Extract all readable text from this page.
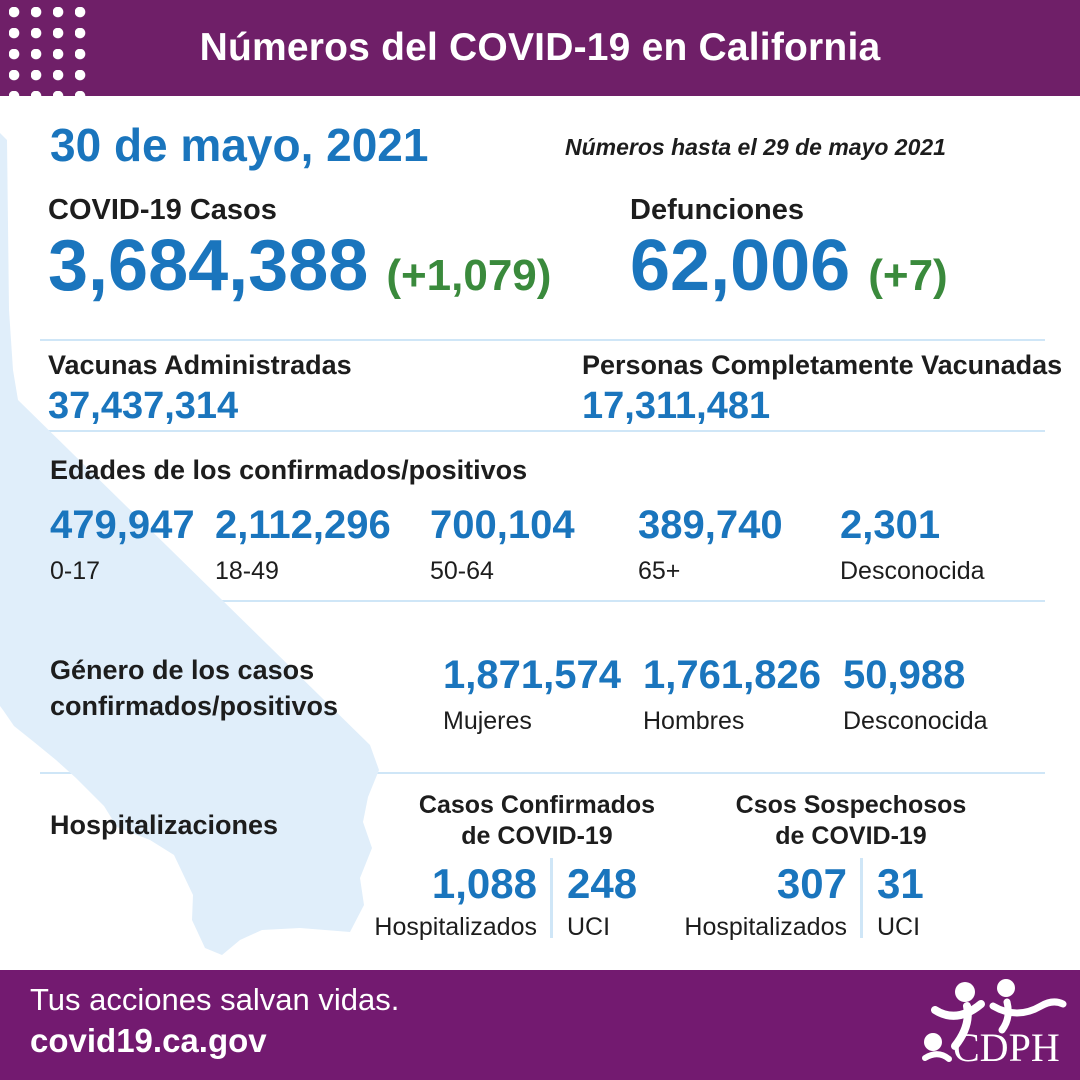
Números del COVID-19 en California
30 de mayo, 2021	Números hasta el 29 de mayo 2021
COVID-19 Casos
3,684,388 (+1,079)
Defunciones
62,006 (+7)
Vacunas Administradas
37,437,314
Personas Completamente Vacunadas
17,311,481
Edades de los confirmados/positivos
479,947
0-17
2,112,296
18-49
700,104
50-64
389,740
65+
2,301
Desconocida
Género de los casos
confirmados/positivos
1,871,574
Mujeres
1,761,826
Hombres
50,988
Desconocida
Hospitalizaciones
Casos Confirmados
de COVID-19
1,088 248
Hospitalizados UCI
Csos Sospechosos
de COVID-19
307 31
Hospitalizados UCI
Tus acciones salvan vidas.
covid19.ca.gov	CDPH
